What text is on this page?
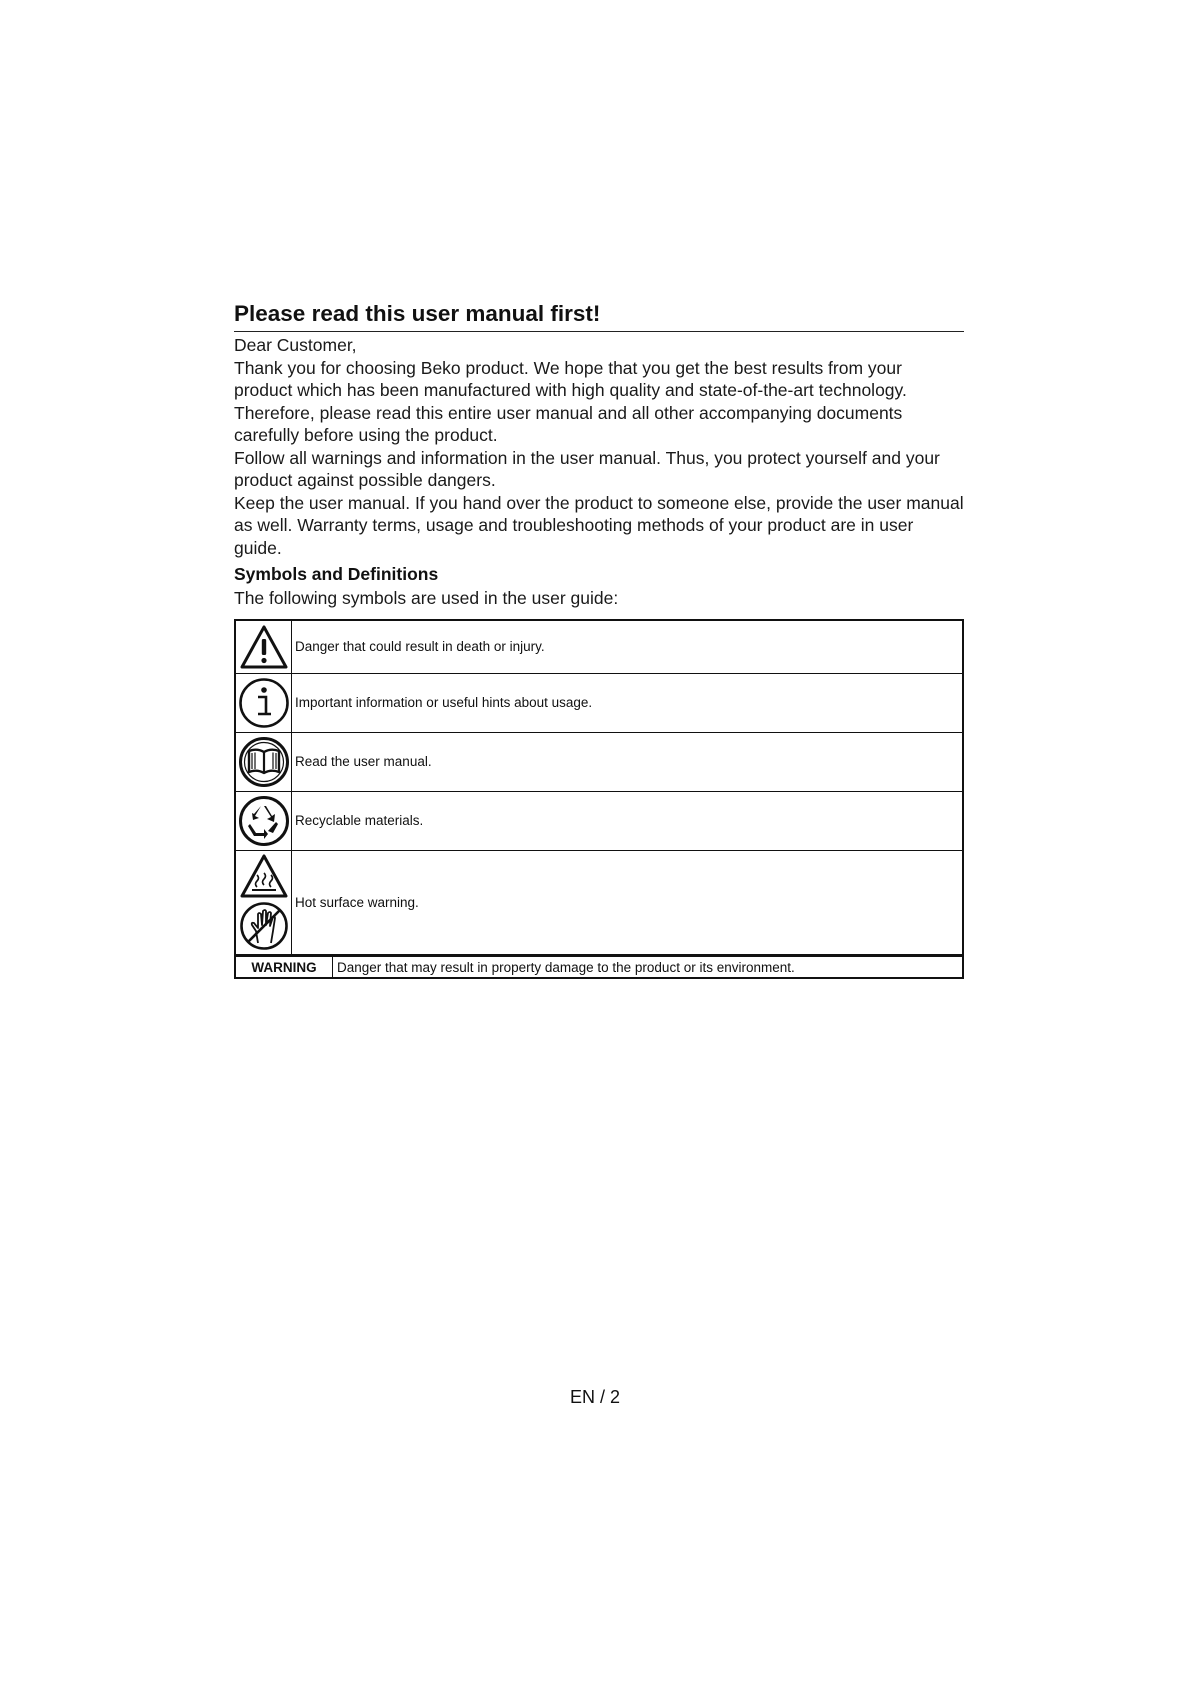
Please read this user manual first!

Dear Customer,

Thank you for choosing Beko product. We hope that you get the best results from your product which has been manufactured with high quality and state-of-the-art technology. Therefore, please read this entire user manual and all other accompanying documents carefully before using the product.

Follow all warnings and information in the user manual. Thus, you protect yourself and your product against possible dangers.

Keep the user manual. If you hand over the product to someone else, provide the user manual as well. Warranty terms, usage and troubleshooting methods of your product are in user guide.

Symbols and Definitions
The following symbols are used in the user guide:
	Danger that could result in death or injury.

	Important information or useful hints about usage.

	Read the user manual.

	Recyclable materials.

	Hot surface warning.
WARNING	Danger that may result in property damage to the product or its environment.
EN / 2
